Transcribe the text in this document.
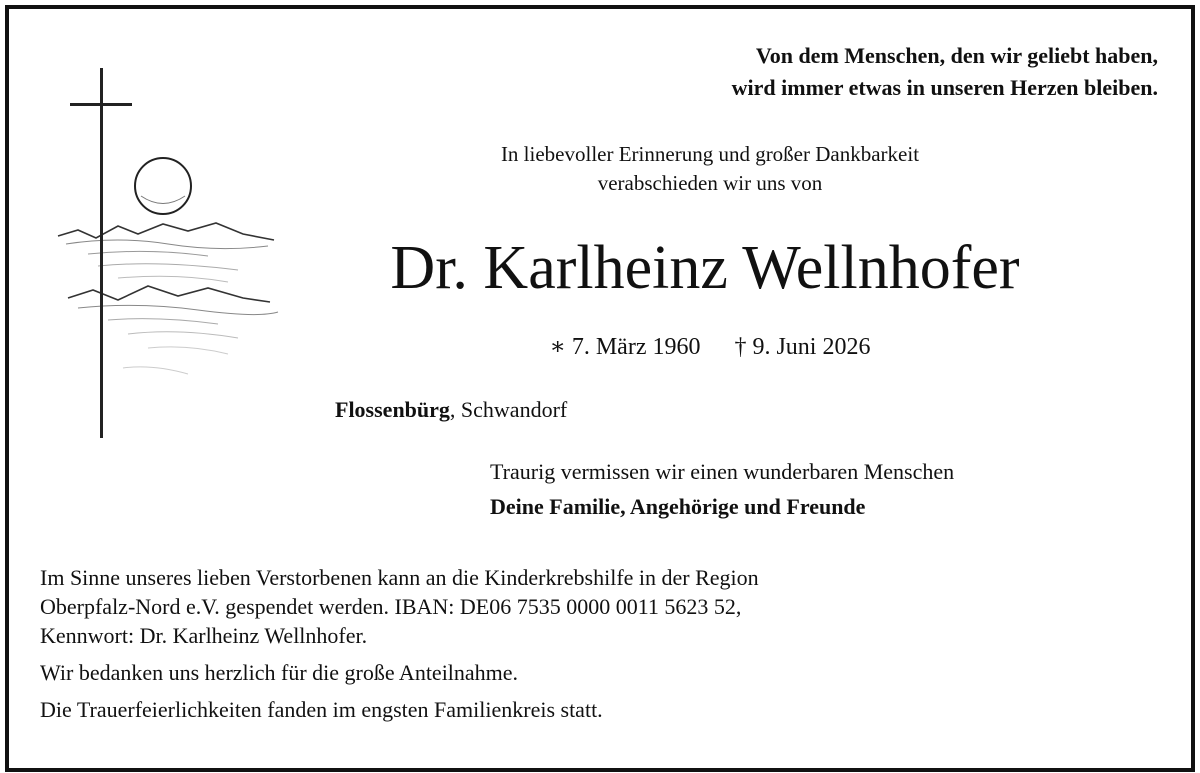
Von dem Menschen, den wir geliebt haben,
wird immer etwas in unseren Herzen bleiben.
In liebevoller Erinnerung und großer Dankbarkeit
verabschieden wir uns von
Dr. Karlheinz Wellnhofer
∗ 7. März 1960 † 9. Juni 2026
Flossenbürg, Schwandorf
Traurig vermissen wir einen wunderbaren Menschen
Deine Familie, Angehörige und Freunde
Im Sinne unseres lieben Verstorbenen kann an die Kinderkrebshilfe in der Region
Oberpfalz-Nord e.V. gespendet werden. IBAN: DE06 7535 0000 0011 5623 52,
Kennwort: Dr. Karlheinz Wellnhofer.
Wir bedanken uns herzlich für die große Anteilnahme.
Die Trauerfeierlichkeiten fanden im engsten Familienkreis statt.
